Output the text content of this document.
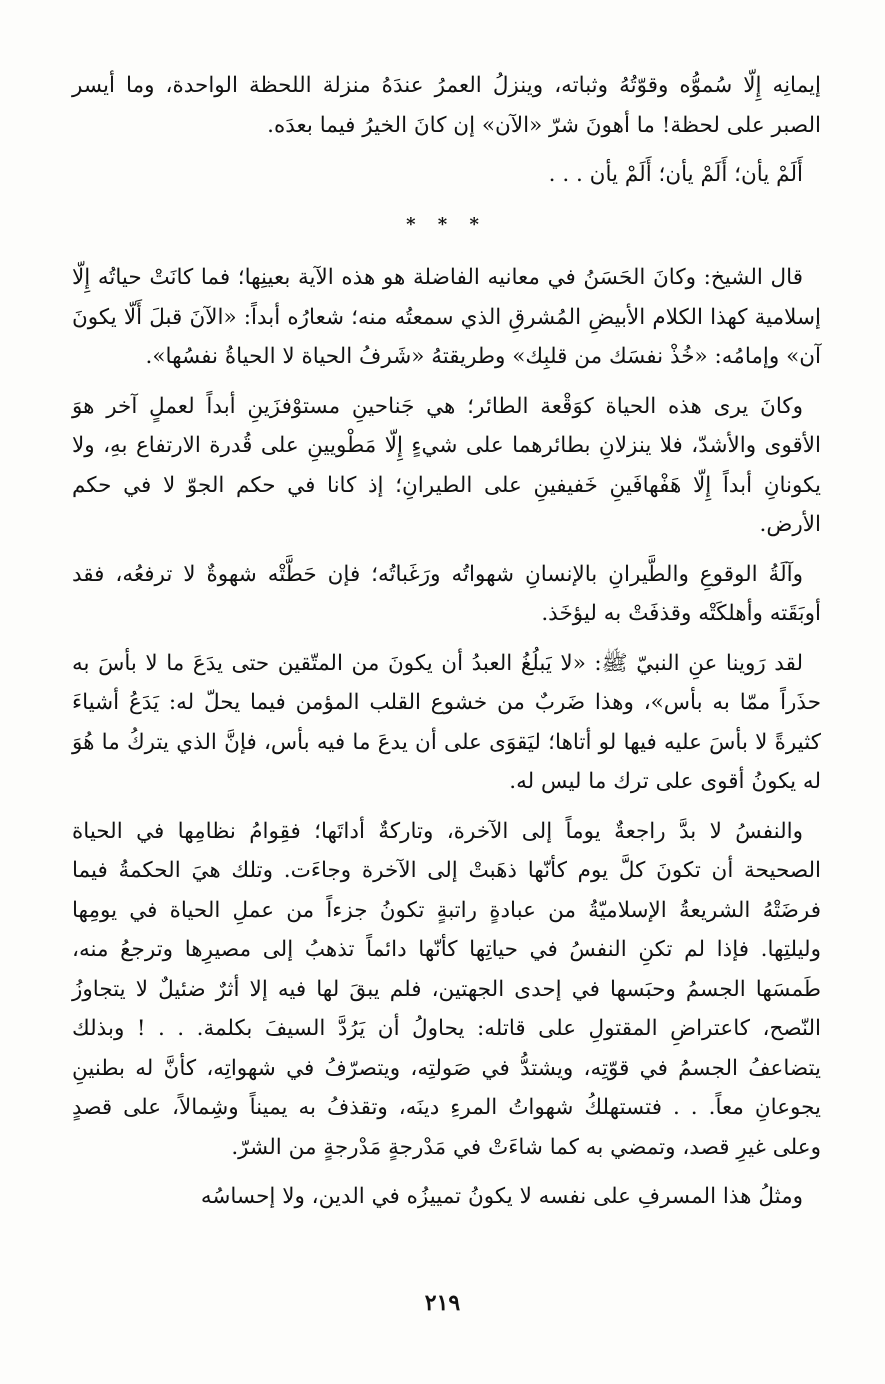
إيمانِه إِلّا سُموُّه وقوّتُهُ وثباته، وينزلُ العمرُ عندَهُ منزلة اللحظة الواحدة، وما أيسر الصبر على لحظة! ما أهونَ شرّ «الآن» إن كانَ الخيرُ فيما بعدَه.

أَلَمْ يأن؛ أَلَمْ يأن؛ أَلَمْ يأن . . .

* * *

قال الشيخ: وكانَ الحَسَنُ في معانيه الفاضلة هو هذه الآية بعينِها؛ فما كانَتْ حياتُه إِلّا إسلامية كهذا الكلام الأبيضِ المُشرقِ الذي سمعتُه منه؛ شعارُه أبداً: «الآنَ قبلَ أَلّا يكونَ آن» وإمامُه: «خُذْ نفسَك من قلبِك» وطريقتهُ «شَرفُ الحياة لا الحياةُ نفسُها».

وكانَ يرى هذه الحياة كوَقْعة الطائر؛ هي جَناحينِ مستوْفزَينِ أبداً لعملٍ آخر هوَ الأقوى والأشدّ، فلا ينزلانِ بطائرهما على شيءٍ إِلّا مَطْويينِ على قُدرة الارتفاع بهِ، ولا يكونانِ أبداً إِلّا هَفْهافَينِ خَفيفينِ على الطيرانِ؛ إذ كانا في حكم الجوّ لا في حكم الأرض.

وآلَةُ الوقوعِ والطَّيرانِ بالإنسانِ شهواتُه ورَغَباتُه؛ فإن حَطَّتْه شهوةٌ لا ترفعُه، فقد أوبَقَته وأهلكَتْه وقذفَتْ به ليؤخَذ.

لقد رَوينا عنِ النبيّ ﷺ: «لا يَبلُغُ العبدُ أن يكونَ من المتّقين حتى يدَعَ ما لا بأسَ به حذَراً ممّا به بأس»، وهذا ضَربٌ من خشوع القلب المؤمن فيما يحلّ له: يَدَعُ أشياءَ كثيرةً لا بأسَ عليه فيها لو أتاها؛ ليَقوَى على أن يدعَ ما فيه بأس، فإنَّ الذي يتركُ ما هُوَ له يكونُ أقوى على ترك ما ليس له.

والنفسُ لا بدَّ راجعةٌ يوماً إلى الآخرة، وتاركةٌ أداتَها؛ فقِوامُ نظامِها في الحياة الصحيحة أن تكونَ كلَّ يوم كأنّها ذهَبتْ إلى الآخرة وجاءَت. وتلك هيَ الحكمةُ فيما فرضَتْهُ الشريعةُ الإسلاميّةُ من عبادةٍ راتبةٍ تكونُ جزءاً من عملِ الحياة في يومِها وليلتِها. فإذا لم تكنِ النفسُ في حياتِها كأنّها دائماً تذهبُ إلى مصيرِها وترجعُ منه، طَمسَها الجسمُ وحبَسها في إحدى الجهتين، فلم يبقَ لها فيه إلا أثرٌ ضئيلٌ لا يتجاوزُ النّصح، كاعتراضِ المقتولِ على قاتله: يحاولُ أن يَرُدَّ السيفَ بكلمة. . . ! وبذلك يتضاعفُ الجسمُ في قوّتِه، ويشتدُّ في صَولتِه، ويتصرّفُ في شهواتِه، كأنَّ له بطنينِ يجوعانِ معاً. . . فتستهلكُ شهواتُ المرءِ دينَه، وتقذفُ به يميناً وشِمالاً، على قصدٍ وعلى غيرِ قصد، وتمضي به كما شاءَتْ في مَدْرجةٍ مَدْرجةٍ من الشرّ.

ومثلُ هذا المسرفِ على نفسه لا يكونُ تمييزُه في الدين، ولا إحساسُه

٢١٩
